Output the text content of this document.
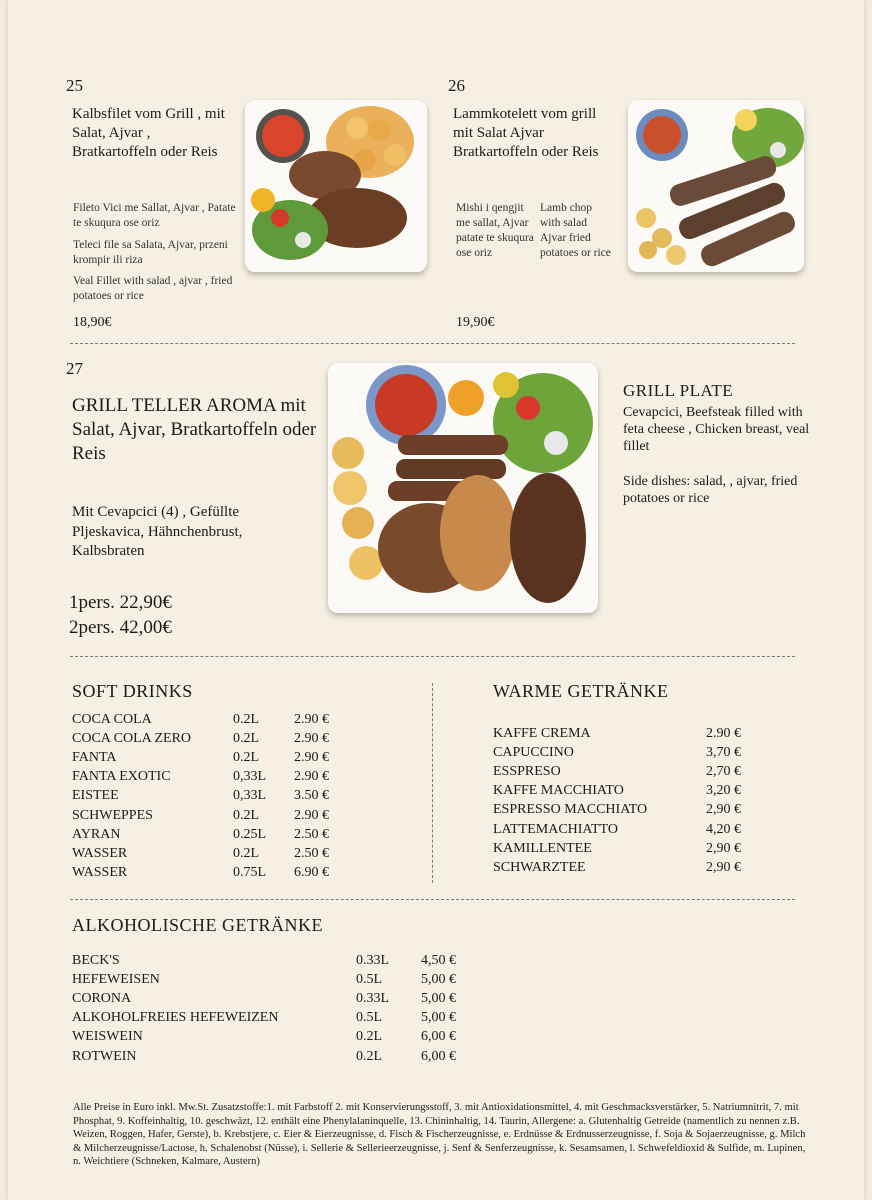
25
Kalbsfilet vom Grill , mit Salat, Ajvar , Bratkartoffeln oder Reis
Fileto Vici me Sallat, Ajvar , Patate te skuqura ose oriz
Teleci file sa Salata, Ajvar, przeni krompir ili riza
Veal Fillet with salad , ajvar , fried potatoes or rice
18,90€
26
Lammkotelett vom grill mit Salat Ajvar Bratkartoffeln oder Reis
Mishi i qengjit me sallat, Ajvar patate te skuqura ose oriz
Lamb chop with salad Ajvar fried potatoes or rice
19,90€
27
GRILL TELLER AROMA mit Salat, Ajvar, Bratkartoffeln oder Reis
Mit Cevapcici (4) , Gefüllte Pljeskavica, Hähnchenbrust, Kalbsbraten
1pers. 22,90€
2pers. 42,00€
GRILL PLATE
Cevapcici, Beefsteak filled with feta cheese , Chicken breast, veal fillet
Side dishes: salad, , ajvar, fried potatoes or rice
SOFT DRINKS
COCA COLA	0.2L 2.90 €
COCA COLA ZERO	0.2L 2.90 €
FANTA	0.2L 2.90 €
FANTA EXOTIC	0,33L 2.90 €
EISTEE	0,33L 3.50 €
SCHWEPPES	0.2L 2.90 €
AYRAN	0.25L 2.50 €
WASSER	0.2L 2.50 €
WASSER	0.75L 6.90 €
WARME GETRÄNKE
KAFFE CREMA	2.90 €
CAPUCCINO	3,70 €
ESSPRESO	2,70 €
KAFFE MACCHIATO	3,20 €
ESPRESSO MACCHIATO	2,90 €
LATTEMACHIATTO	4,20 €
KAMILLENTEE	2,90 €
SCHWARZTEE	2,90 €
ALKOHOLISCHE GETRÄNKE
BECK'S	0.33L 4,50 €
HEFEWEISEN	0.5L	5,00 €
CORONA	0.33L 5,00 €
ALKOHOLFREIES HEFEWEIZEN	0.5L	5,00 €
WEISWEIN	0.2L	6,00 €
ROTWEIN	0.2L	6,00 €
Alle Preise in Euro inkl. Mw.St. Zusatzstoffe:1. mit Farbstoff 2. mit Konservierungsstoff, 3. mit Antioxidationsmittel, 4. mit Geschmacksverstärker, 5. Natriumnitrit, 7. mit Phosphat, 9. Koffeinhaltig, 10. geschwäzt, 12. enthält eine Phenylalaninquelle, 13. Chininhaltig, 14. Taurin, Allergene: a. Glutenhaltig Getreide (namentlich zu nennen z.B. Weizen, Roggen, Hafer, Gerste), b. Krebstjere, c. Eier & Eierzeugnisse, d. Fisch & Fischerzeugnisse, e. Erdnüsse & Erdnusserzeugnisse, f. Soja & Sojaerzeugnisse, g. Milch & Milcherzeugnisse/Lactose, h. Schalenobst (Nüsse), i. Sellerie & Sellerieerzeugnisse, j. Senf & Senferzeugnisse, k. Sesamsamen, l. Schwefeldioxid & Sulfide, m. Lupinen, n. Weichtiere (Schneken, Kalmare, Austern)
